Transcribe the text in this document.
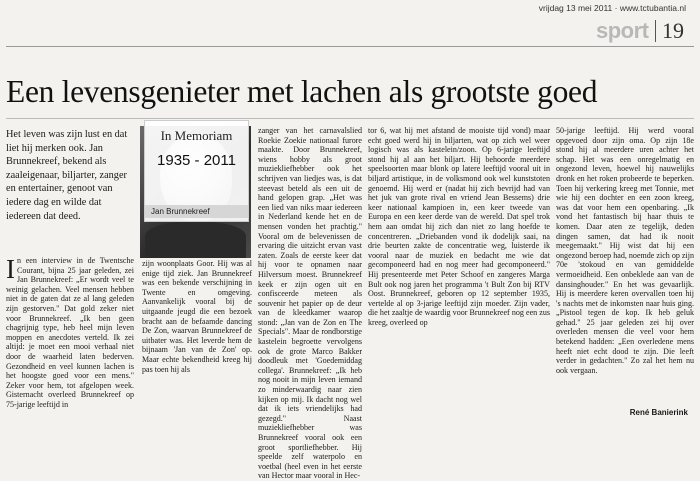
vrijdag 13 mei 2011 · www.tctubantia.nl
sport 19
Een levensgenieter met lachen als grootste goed
Het leven was zijn lust en dat liet hij merken ook. Jan Brunnekreef, bekend als zaaleigenaar, biljarter, zanger en entertainer, genoot van iedere dag en wilde dat iedereen dat deed.
In een interview in de Twentsche Courant, bijna 25 jaar geleden, zei Jan Brunnekreef: „Er wordt veel te weinig gelachen. Veel mensen hebben niet in de gaten dat ze al lang geleden zijn gestorven." Dat gold zeker niet voor Brunnekreef. „Ik ben geen chagrijnig type, heb heel mijn leven moppen en anecdotes verteld. Ik zei altijd: je moet een mooi verhaal niet door de waarheid laten bederven. Gezondheid en veel kunnen lachen is het hoogste goed voor een mens." Zeker voor hem, tot afgelopen week. Gisternacht overleed Brunnekreef op 75-jarige leeftijd in
In Memoriam
1935 - 2011
Jan Brunnekreef
zijn woonplaats Goor. Hij was al enige tijd ziek. Jan Brunnekreef was een bekende verschijning in Twente en omgeving. Aanvankelijk vooral bij de uitgaande jeugd die een bezoek bracht aan de befaamde dancing De Zon, waarvan Brunnekreef de uitbater was. Het leverde hem de bijnaam 'Jan van de Zon' op. Maar echte bekendheid kreeg hij pas toen hij als
zanger van het carnavalslied Roekie Zoekie nationaal furore maakte. Door Brunnekreef, wiens hobby als groot muziekliefhebber ook het schrijven van liedjes was, is dat steevast beteld als een uit de hand gelopen grap. „Het was een lied van niks maar iedereen in Nederland kende het en de mensen vonden het prachtig." Vooral om de belevenissen de ervaring die uitzicht ervan vast zaten. Zoals de eerste keer dat hij voor te opnamen naar Hilversum moest. Brunnekreef keek er zijn ogen uit en confisceerde meteen als souvenir het papier op de deur van de kleedkamer waarop stond: „Jan van de Zon en The Specials". Maar de rondborstige kastelein begroette vervolgens ook de grote Marco Bakker doodleuk met 'Goedemiddag collega'. Brunnekreef: „Ik heb nog nooit in mijn leven iemand zo minderwaardig naar zien kijken op mij. Ik dacht nog wel dat ik iets vriendelijks had gezegd." Naast muziekliefhebber was Brunnekreef vooral ook een groot sportliefhebber. Hij speelde zelf waterpolo en voetbal (heel even in het eerste van Hector maar vooral in Hec-
tor 6, wat hij met afstand de mooiste tijd vond) maar echt goed werd hij in biljarten, wat op zich wel weer logisch was als kastelein/zoon. Op 6-jarige leeftijd stond hij al aan het biljart. Hij behoorde meerdere speelsoorten maar blonk op latere leeftijd vooral uit in biljard artistique, in de volksmond ook wel kunststoten genoemd. Hij werd er (nadat hij zich bevrijd had van het juk van grote rival en vriend Jean Bessems) drie keer nationaal kampioen in, een keer tweede van Europa en een keer derde van de wereld. Dat spel trok hem aan omdat hij zich dan niet zo lang hoefde te concentreren. „Driebanden vond ik dodelijk saai, na drie beurten zakte de concentratie weg, luisterde ik vooral naar de muziek en bedacht me wie dat gecomponeerd had en nog meer had gecomponeerd." Hij presenteerde met Peter Schoof en zangeres Marga Bult ook nog jaren het programma 't Bult Zon bij RTV Oost. Brunnekreef, geboren op 12 september 1935, vertelde al op 3-jarige leeftijd zijn moeder. Zijn vader, die het zaaltje de waardig voor Brunnekreef nog een zus kreeg, overleed op
50-jarige leeftijd. Hij werd vooral opgevoed door zijn oma. Op zijn 18e stond hij al meerdere uren achter het schap. Het was een onregelmatig en ongezond leven, hoewel hij nauwelijks dronk en het roken probeerde te beperken. Toen hij verkering kreeg met Tonnie, met wie hij een dochter en een zoon kreeg, was dat voor hem een openbaring. „Ik vond het fantastisch bij haar thuis te komen. Daar aten ze tegelijk, deden dingen samen, dat had ik nooit meegemaakt." Hij wist dat hij een ongezond beroep had, noemde zich op zijn 70e 'stokoud en van gemiddelde vermoeidheid. Een onbeklede aan van de dansinghouder." En het was gevaarlijk. Hij is meerdere keren overvallen toen hij 's nachts met de inkomsten naar huis ging. „Pistool tegen de kop. Ik heb geluk gehad." 25 jaar geleden zei hij over overleden mensen die veel voor hem betekend hadden: „Een overledene mens heeft niet echt dood te zijn. Die leeft verder in gedachten." Zo zal het hem nu ook vergaan.
René Banierink
